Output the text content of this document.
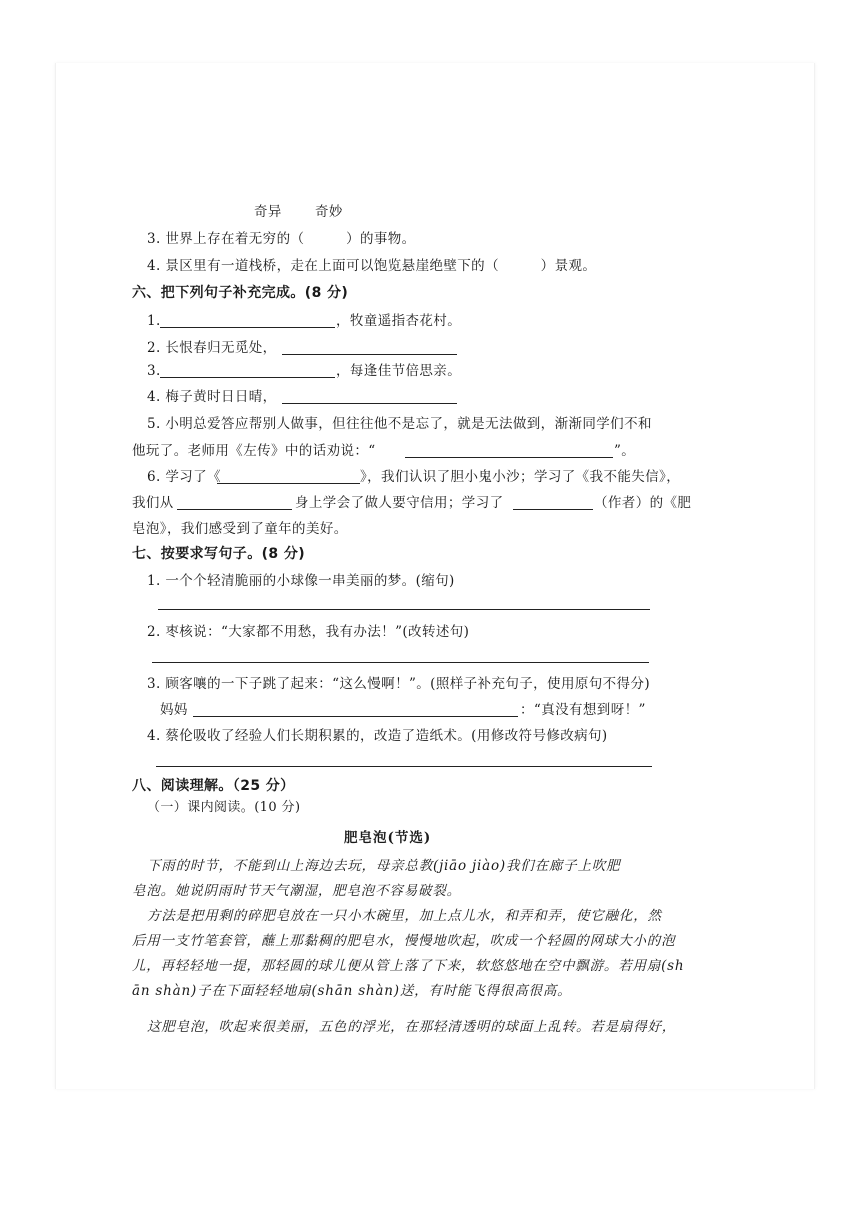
奇异 奇妙
3. 世界上存在着无穷的（　　　）的事物。
4. 景区里有一道栈桥，走在上面可以饱览悬崖绝壁下的（　　　）景观。
六、把下列句子补充完成。(8 分)
1.	，牧童遥指杏花村。
2. 长恨春归无觅处，
3.	，每逢佳节倍思亲。
4. 梅子黄时日日晴，
5. 小明总爱答应帮别人做事，但往往他不是忘了，就是无法做到，渐渐同学们不和
他玩了。老师用《左传》中的话劝说：“	”。
6. 学习了《	》，我们认识了胆小鬼小沙；学习了《我不能失信》，
我们从	身上学会了做人要守信用；学习了	（作者）的《肥
皂泡》，我们感受到了童年的美好。
七、按要求写句子。(8 分)
1. 一个个轻清脆丽的小球像一串美丽的梦。(缩句)
2. 枣核说：“大家都不用愁，我有办法！”(改转述句)
3. 顾客嚷的一下子跳了起来：“这么慢啊！”。(照样子补充句子，使用原句不得分)
妈妈	：“真没有想到呀！”
4. 蔡伦吸收了经验人们长期积累的，改造了造纸术。(用修改符号修改病句)
八、阅读理解。（25 分）
（一）课内阅读。(10 分)
肥皂泡(节选)
下雨的时节，不能到山上海边去玩，母亲总教(jiāo jiào)我们在廊子上吹肥
皂泡。她说阴雨时节天气潮湿，肥皂泡不容易破裂。
方法是把用剩的碎肥皂放在一只小木碗里，加上点儿水，和弄和弄，使它融化，然
后用一支竹笔套管，蘸上那黏稠的肥皂水，慢慢地吹起，吹成一个轻圆的网球大小的泡
儿，再轻轻地一提，那轻圆的球儿便从管上落了下来，软悠悠地在空中飘游。若用扇(sh
ān shàn)子在下面轻轻地扇(shān shàn)送，有时能飞得很高很高。
这肥皂泡，吹起来很美丽，五色的浮光，在那轻清透明的球面上乱转。若是扇得好，
